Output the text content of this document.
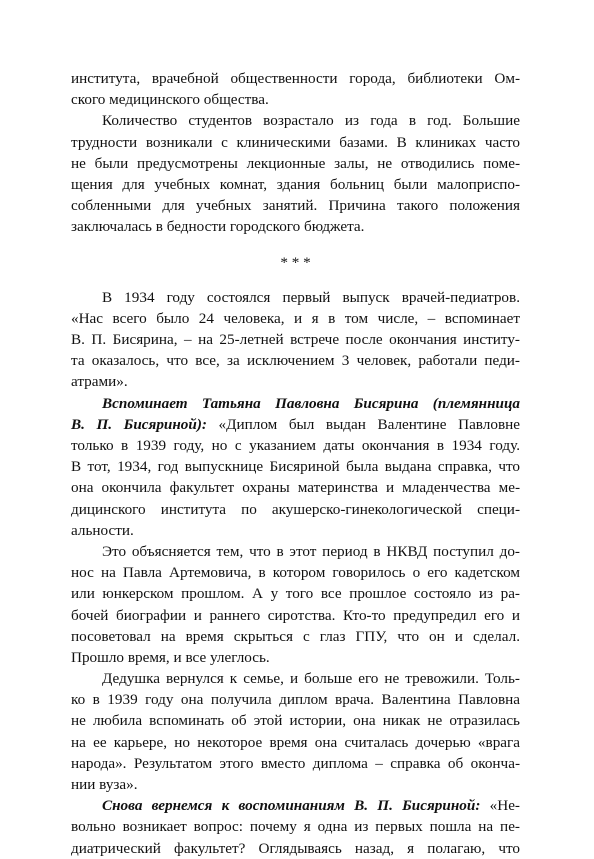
института, врачебной общественности города, библиотеки Ом-
ского медицинского общества.
Количество студентов возрастало из года в год. Большие
трудности возникали с клиническими базами. В клиниках часто
не были предусмотрены лекционные залы, не отводились поме-
щения для учебных комнат, здания больниц были малоприспо-
собленными для учебных занятий. Причина такого положения
заключалась в бедности городского бюджета.
* * *
В 1934 году состоялся первый выпуск врачей-педиатров.
«Нас всего было 24 человека, и я в том числе, – вспоминает
В. П. Бисярина, – на 25-летней встрече после окончания институ-
та оказалось, что все, за исключением 3 человек, работали педи-
атрами».
Вспоминает Татьяна Павловна Бисярина (племянница
В. П. Бисяриной): «Диплом был выдан Валентине Павловне
только в 1939 году, но с указанием даты окончания в 1934 году.
В тот, 1934, год выпускнице Бисяриной была выдана справка, что
она окончила факультет охраны материнства и младенчества ме-
дицинского института по акушерско-гинекологической специ-
альности.
Это объясняется тем, что в этот период в НКВД поступил до-
нос на Павла Артемовича, в котором говорилось о его кадетском
или юнкерском прошлом. А у того все прошлое состояло из ра-
бочей биографии и раннего сиротства. Кто-то предупредил его и
посоветовал на время скрыться с глаз ГПУ, что он и сделал.
Прошло время, и все улеглось.
Дедушка вернулся к семье, и больше его не тревожили. Толь-
ко в 1939 году она получила диплом врача. Валентина Павловна
не любила вспоминать об этой истории, она никак не отразилась
на ее карьере, но некоторое время она считалась дочерью «врага
народа». Результатом этого вместо диплома – справка об оконча-
нии вуза».
Снова вернемся к воспоминаниям В. П. Бисяриной: «Не-
вольно возникает вопрос: почему я одна из первых пошла на пе-
диатрический факультет? Оглядываясь назад, я полагаю, что
